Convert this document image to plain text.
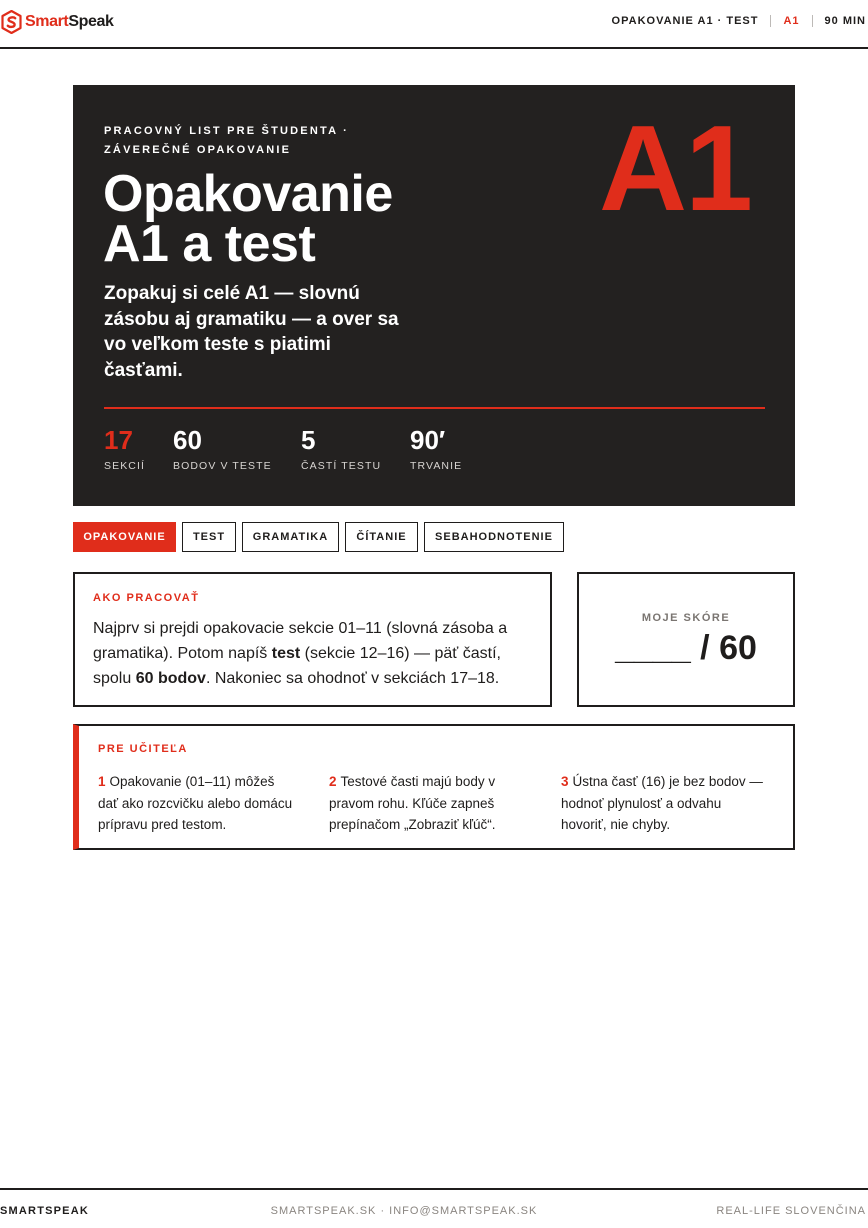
SmartSpeak	OPAKOVANIE A1 · TEST A1 90 MIN
PRACOVNÝ LIST PRE ŠTUDENTA · ZÁVEREČNÉ OPAKOVANIE
Opakovanie
A1 a test
A1
Zopakuj si celé A1 — slovnú zásobu aj gramatiku — a over sa vo veľkom teste s piatimi časťami.
17
SEKCIÍ
60
BODOV V TESTE
5
ČASTÍ TESTU
90′
TRVANIE
OPAKOVANIE	TEST	GRAMATIKA	ČÍTANIE	SEBAHODNOTENIE
AKO PRACOVAŤ
Najprv si prejdi opakovacie sekcie 01–11 (slovná zásoba a gramatika). Potom napíš test (sekcie 12–16) — päť častí, spolu 60 bodov. Nakoniec sa ohodnoť v sekciách 17–18.
MOJE SKÓRE
____ / 60
PRE UČITEĽA
1 Opakovanie (01–11) môžeš dať ako rozcvičku alebo domácu prípravu pred testom.
2 Testové časti majú body v pravom rohu. Kľúče zapneš prepínačom „Zobraziť kľúč“.
3 Ústna časť (16) je bez bodov — hodnoť plynulosť a odvahu hovoriť, nie chyby.
SMARTSPEAK	SMARTSPEAK.SK · INFO@SMARTSPEAK.SK	REAL-LIFE SLOVENČINA
